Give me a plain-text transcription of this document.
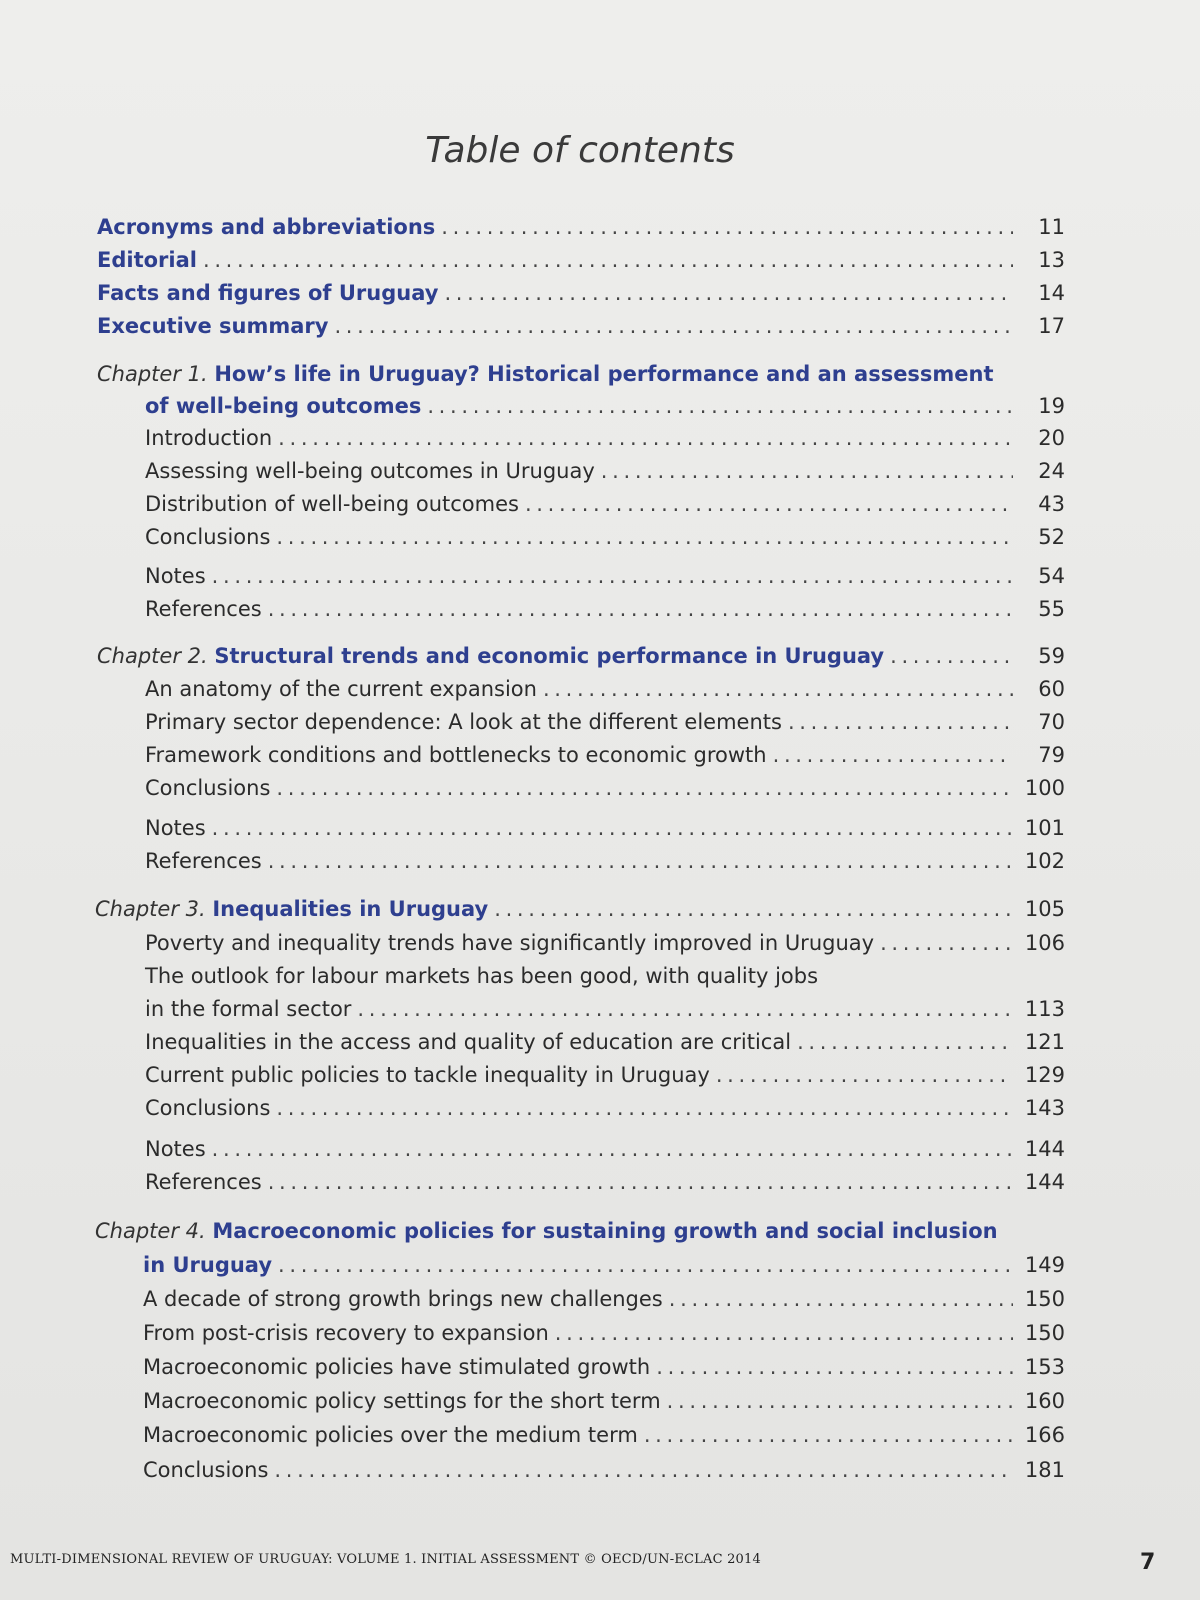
Table of contents
Acronyms and abbreviations . . .	11
Editorial . . .	13
Facts and figures of Uruguay . . .	14
Executive summary . . .	17
Chapter 1. How’s life in Uruguay? Historical performance and an assessment
of well-being outcomes . . .	19
Introduction . . .	20
Assessing well-being outcomes in Uruguay . . .	24
Distribution of well-being outcomes . . .	43
Conclusions . . .	52
Notes . . .	54
References . . .	55
Chapter 2. Structural trends and economic performance in Uruguay . . .	59
An anatomy of the current expansion . . .	60
Primary sector dependence: A look at the different elements . . .	70
Framework conditions and bottlenecks to economic growth . . .	79
Conclusions . . .	100
Notes . . .	101
References . . .	102
Chapter 3. Inequalities in Uruguay . . .	105
Poverty and inequality trends have significantly improved in Uruguay . . .	106
The outlook for labour markets has been good, with quality jobs
in the formal sector . . .	113
Inequalities in the access and quality of education are critical . . .	121
Current public policies to tackle inequality in Uruguay . . .	129
Conclusions . . .	143
Notes . . .	144
References . . .	144
Chapter 4. Macroeconomic policies for sustaining growth and social inclusion
in Uruguay . . .	149
A decade of strong growth brings new challenges . . .	150
From post-crisis recovery to expansion . . .	150
Macroeconomic policies have stimulated growth . . .	153
Macroeconomic policy settings for the short term . . .	160
Macroeconomic policies over the medium term . . .	166
Conclusions . . .	181
MULTI-DIMENSIONAL REVIEW OF URUGUAY: VOLUME 1. INITIAL ASSESSMENT © OECD/UN-ECLAC 2014	7
